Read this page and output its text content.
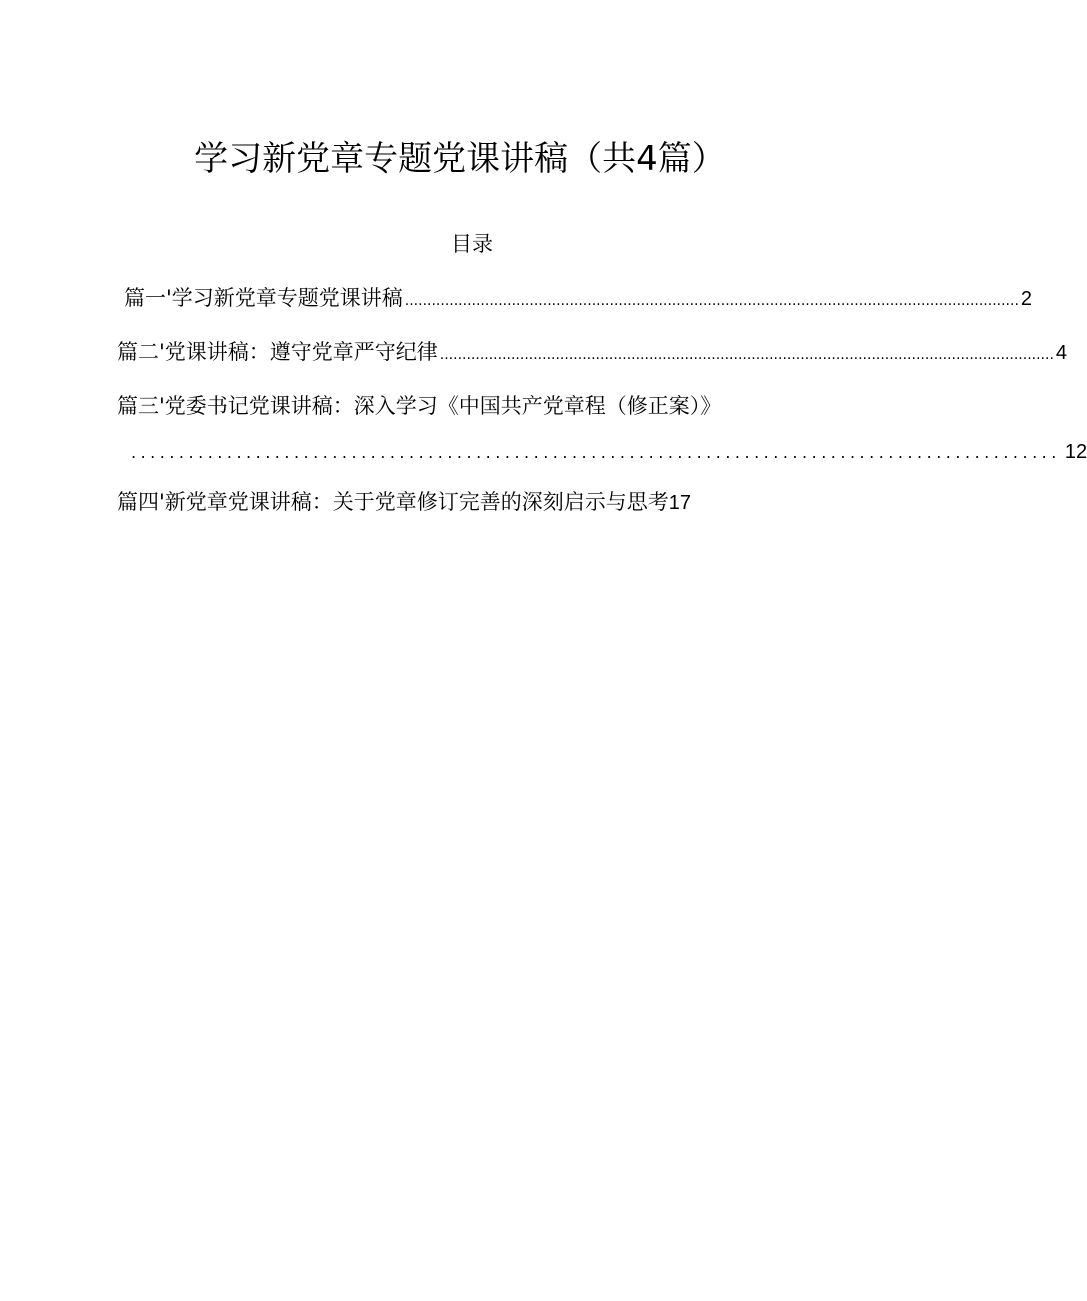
学习新党章专题党课讲稿（共4篇）
目录
篇一'学习新党章专题党课讲稿 .......................................................................................................................................... 2
篇二'党课讲稿：遵守党章严守纪律 .......................................................................................................................................... 4
篇三'党委书记党课讲稿：深入学习《中国共产党章程（修正案）》
................................................................................................. 12
篇四'新党章党课讲稿：关于党章修订完善的深刻启示与思考 17
